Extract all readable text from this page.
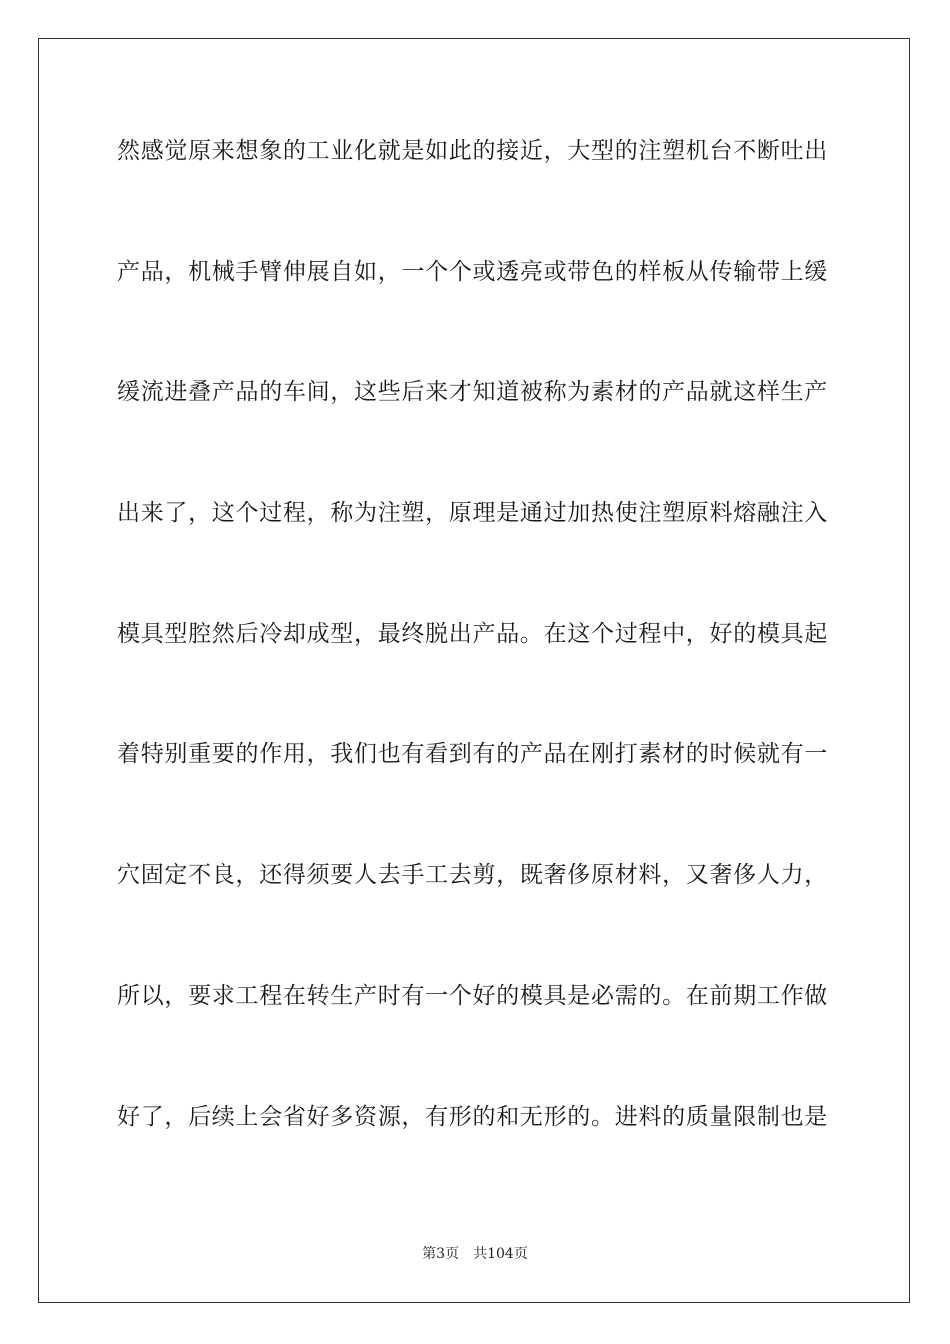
然感觉原来想象的工业化就是如此的接近，大型的注塑机台不断吐出
产品，机械手臂伸展自如，一个个或透亮或带色的样板从传输带上缓
缓流进叠产品的车间，这些后来才知道被称为素材的产品就这样生产
出来了，这个过程，称为注塑，原理是通过加热使注塑原料熔融注入
模具型腔然后冷却成型，最终脱出产品。在这个过程中，好的模具起
着特别重要的作用，我们也有看到有的产品在刚打素材的时候就有一
穴固定不良，还得须要人去手工去剪，既奢侈原材料，又奢侈人力，
所以，要求工程在转生产时有一个好的模具是必需的。在前期工作做
好了，后续上会省好多资源，有形的和无形的。进料的质量限制也是
第3页 共104页
